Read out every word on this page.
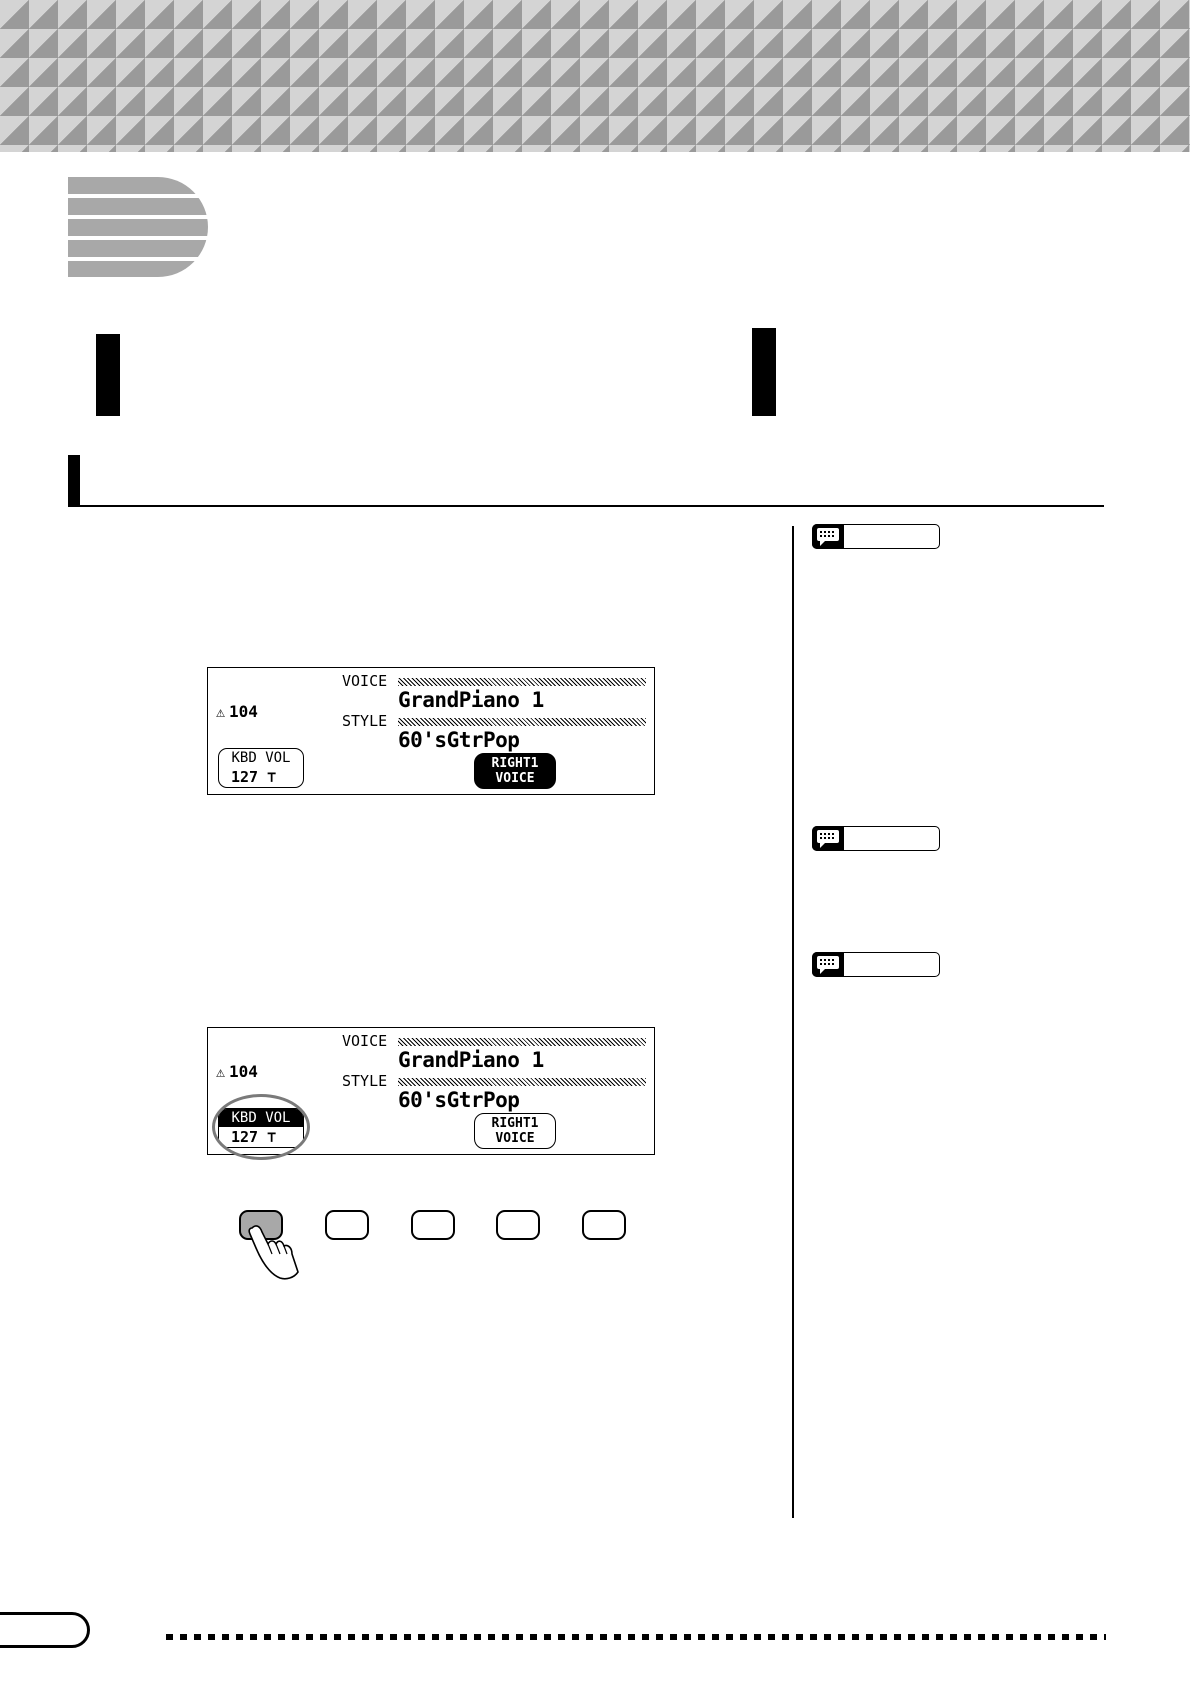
⚠ 104
VOICE
GrandPiano 1
STYLE
60'sGtrPop
KBD VOL
127 ⊤
RIGHT1
VOICE
⚠ 104
VOICE
GrandPiano 1
STYLE
60'sGtrPop
KBD VOL
127 ⊤
RIGHT1
VOICE
